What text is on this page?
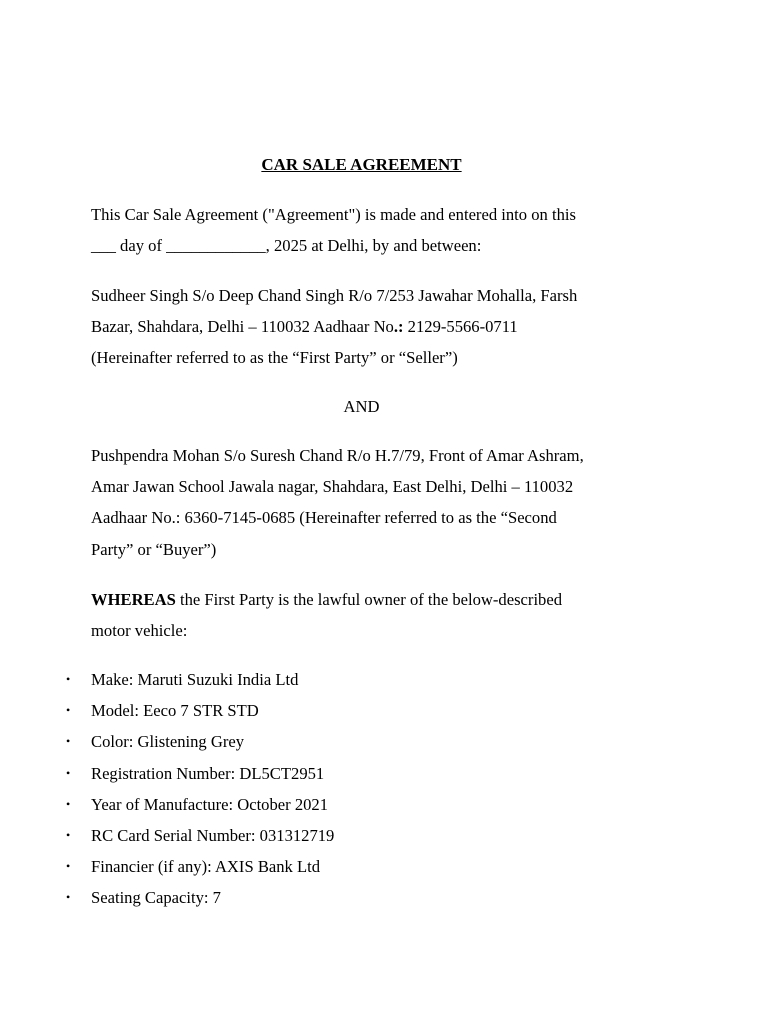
CAR SALE AGREEMENT

This Car Sale Agreement ("Agreement") is made and entered into on this
___ day of ____________, 2025 at Delhi, by and between:

Sudheer Singh S/o Deep Chand Singh R/o 7/253 Jawahar Mohalla, Farsh
Bazar, Shahdara, Delhi – 110032 Aadhaar No.: 2129-5566-0711
(Hereinafter referred to as the “First Party” or “Seller”)

AND

Pushpendra Mohan S/o Suresh Chand R/o H.7/79, Front of Amar Ashram,
Amar Jawan School Jawala nagar, Shahdara, East Delhi, Delhi – 110032
Aadhaar No.: 6360-7145-0685 (Hereinafter referred to as the “Second
Party” or “Buyer”)

WHEREAS the First Party is the lawful owner of the below-described
motor vehicle:

• Make: Maruti Suzuki India Ltd
• Model: Eeco 7 STR STD
• Color: Glistening Grey
• Registration Number: DL5CT2951
• Year of Manufacture: October 2021
• RC Card Serial Number: 031312719
• Financier (if any): AXIS Bank Ltd
• Seating Capacity: 7
